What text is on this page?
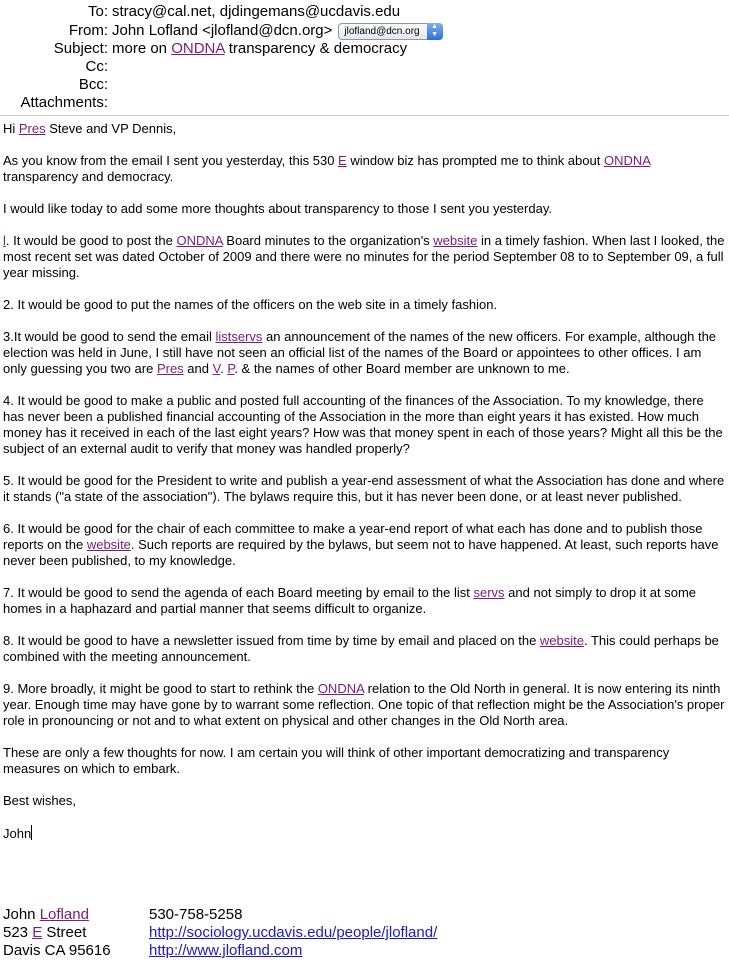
To: stracy@cal.net, djdingemans@ucdavis.edu
From: John Lofland <jlofland@dcn.org> jlofland@dcn.org	▲
▼
Subject: more on ONDNA transparency & democracy
Cc:
Bcc:
Attachments:

Hi Pres Steve and VP Dennis,

As you know from the email I sent you yesterday, this 530 E window biz has prompted me to think about ONDNA transparency and democracy.

I would like today to add some more thoughts about transparency to those I sent you yesterday.

l. It would be good to post the ONDNA Board minutes to the organization's website in a timely fashion. When last I looked, the most recent set was dated October of 2009 and there were no minutes for the period September 08 to to September 09, a full year missing.

2. It would be good to put the names of the officers on the web site in a timely fashion.

3.It would be good to send the email listservs an announcement of the names of the new officers. For example, although the election was held in June, I still have not seen an official list of the names of the Board or appointees to other offices. I am only guessing you two are Pres and V. P. & the names of other Board member are unknown to me.

4. It would be good to make a public and posted full accounting of the finances of the Association. To my knowledge, there has never been a published financial accounting of the Association in the more than eight years it has existed. How much money has it received in each of the last eight years? How was that money spent in each of those years? Might all this be the subject of an external audit to verify that money was handled properly?

5. It would be good for the President to write and publish a year-end assessment of what the Association has done and where it stands ("a state of the association"). The bylaws require this, but it has never been done, or at least never published.

6. It would be good for the chair of each committee to make a year-end report of what each has done and to publish those reports on the website. Such reports are required by the bylaws, but seem not to have happened. At least, such reports have never been published, to my knowledge.

7. It would be good to send the agenda of each Board meeting by email to the list servs and not simply to drop it at some homes in a haphazard and partial manner that seems difficult to organize.

8. It would be good to have a newsletter issued from time by time by email and placed on the website. This could perhaps be combined with the meeting announcement.

9. More broadly, it might be good to start to rethink the ONDNA relation to the Old North in general. It is now entering its ninth year. Enough time may have gone by to warrant some reflection. One topic of that reflection might be the Association's proper role in pronouncing or not and to what extent on physical and other changes in the Old North area.

These are only a few thoughts for now. I am certain you will think of other important democratizing and transparency measures on which to embark.

Best wishes,

John

John Lofland	530-758-5258
523 E Street	http://sociology.ucdavis.edu/people/jlofland/
Davis CA 95616	http://www.jlofland.com
